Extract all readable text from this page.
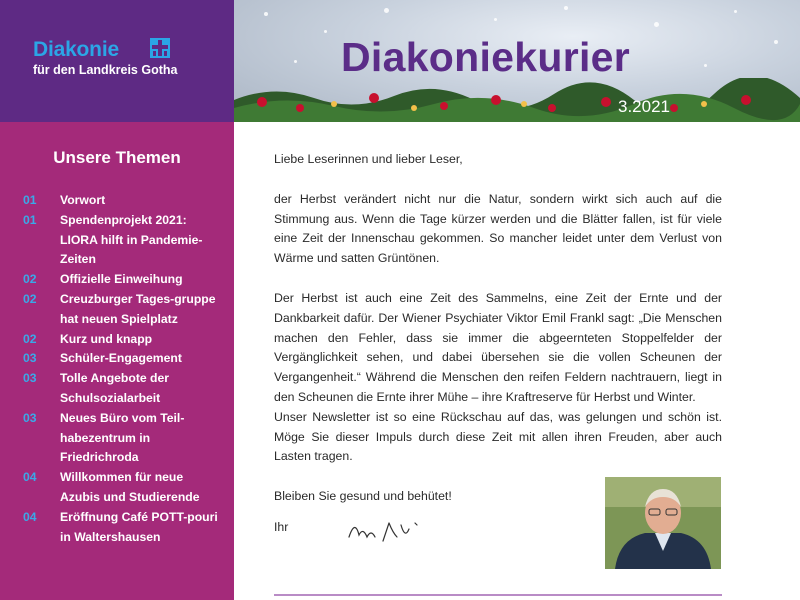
Diakonie
für den Landkreis Gotha
Unsere Themen
01 Vorwort
01 Spendenprojekt 2021: LIORA hilft in Pandemie-Zeiten
02 Offizielle Einweihung
02 Creuzburger Tages-gruppe hat neuen Spielplatz
02 Kurz und knapp
03 Schüler-Engagement
03 Tolle Angebote der Schulsozialarbeit
03 Neues Büro vom Teil-habezentrum in Friedrichroda
04 Willkommen für neue Azubis und Studierende
04 Eröffnung Café POTT-pouri in Waltershausen
Diakoniekurier
3.2021

Liebe Leserinnen und lieber Leser,

der Herbst verändert nicht nur die Natur, sondern wirkt sich auch auf die Stimmung aus. Wenn die Tage kürzer werden und die Blätter fallen, ist für viele eine Zeit der Innenschau gekommen. So mancher leidet unter dem Verlust von Wärme und satten Grüntönen.

Der Herbst ist auch eine Zeit des Sammelns, eine Zeit der Ernte und der Dankbarkeit dafür. Der Wiener Psychiater Viktor Emil Frankl sagt: „Die Menschen machen den Fehler, dass sie immer die abgeernteten Stoppelfelder der Vergänglichkeit sehen, und dabei übersehen sie die vollen Scheunen der Vergangenheit.“ Während die Menschen den reifen Feldern nachtrauern, liegt in den Scheunen die Ernte ihrer Mühe – ihre Kraftreserve für Herbst und Winter.

Unser Newsletter ist so eine Rückschau auf das, was gelungen und schön ist. Möge Sie dieser Impuls durch diese Zeit mit allen ihren Freuden, aber auch Lasten tragen.

Bleiben Sie gesund und behütet!

Ihr
